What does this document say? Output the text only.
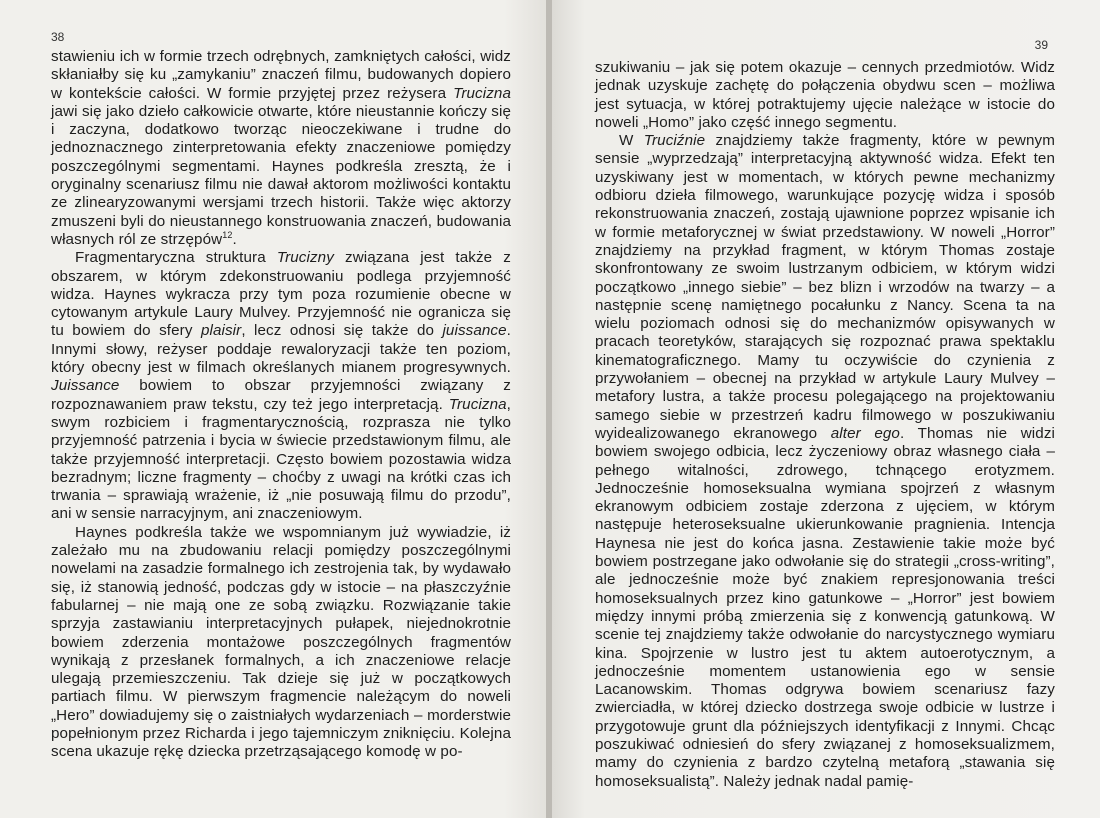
38

stawieniu ich w formie trzech odrębnych, zamkniętych całości, widz skłaniałby się ku „zamykaniu” znaczeń filmu, budowanych dopiero w kontekście całości. W formie przyjętej przez reżysera Trucizna jawi się jako dzieło całkowicie otwarte, które nieustannie kończy się i zaczyna, dodatkowo tworząc nieoczekiwane i trudne do jednoznacznego zinterpretowania efekty znaczeniowe pomiędzy poszczególnymi segmentami. Haynes podkreśla zresztą, że i oryginalny scenariusz filmu nie dawał aktorom możliwości kontaktu ze zlinearyzowanymi wersjami trzech historii. Także więc aktorzy zmuszeni byli do nieustannego konstruowania znaczeń, budowania własnych ról ze strzępów$^{12}$.

Fragmentaryczna struktura Trucizny związana jest także z obszarem, w którym zdekonstruowaniu podlega przyjemność widza. Haynes wykracza przy tym poza rozumienie obecne w cytowanym artykule Laury Mulvey. Przyjemność nie ogranicza się tu bowiem do sfery plaisir, lecz odnosi się także do juissance. Innymi słowy, reżyser poddaje rewaloryzacji także ten poziom, który obecny jest w filmach określanych mianem progresywnych. Juissance bowiem to obszar przyjemności związany z rozpoznawaniem praw tekstu, czy też jego interpretacją. Trucizna, swym rozbiciem i fragmentarycznością, rozprasza nie tylko przyjemność patrzenia i bycia w świecie przedstawionym filmu, ale także przyjemność interpretacji. Często bowiem pozostawia widza bezradnym; liczne fragmenty – choćby z uwagi na krótki czas ich trwania – sprawiają wrażenie, iż „nie posuwają filmu do przodu”, ani w sensie narracyjnym, ani znaczeniowym.

Haynes podkreśla także we wspomnianym już wywiadzie, iż zależało mu na zbudowaniu relacji pomiędzy poszczególnymi nowelami na zasadzie formalnego ich zestrojenia tak, by wydawało się, iż stanowią jedność, podczas gdy w istocie – na płaszczyźnie fabularnej – nie mają one ze sobą związku. Rozwiązanie takie sprzyja zastawianiu interpretacyjnych pułapek, niejednokrotnie bowiem zderzenia montażowe poszczególnych fragmentów wynikają z przesłanek formalnych, a ich znaczeniowe relacje ulegają przemieszczeniu. Tak dzieje się już w początkowych partiach filmu. W pierwszym fragmencie należącym do noweli „Hero” dowiadujemy się o zaistniałych wydarzeniach – morderstwie popełnionym przez Richarda i jego tajemniczym zniknięciu. Kolejna scena ukazuje rękę dziecka przetrząsającego komodę w po-

39

szukiwaniu – jak się potem okazuje – cennych przedmiotów. Widz jednak uzyskuje zachętę do połączenia obydwu scen – możliwa jest sytuacja, w której potraktujemy ujęcie należące w istocie do noweli „Homo” jako część innego segmentu.

W Truciźnie znajdziemy także fragmenty, które w pewnym sensie „wyprzedzają” interpretacyjną aktywność widza. Efekt ten uzyskiwany jest w momentach, w których pewne mechanizmy odbioru dzieła filmowego, warunkujące pozycję widza i sposób rekonstruowania znaczeń, zostają ujawnione poprzez wpisanie ich w formie metaforycznej w świat przedstawiony. W noweli „Horror” znajdziemy na przykład fragment, w którym Thomas zostaje skonfrontowany ze swoim lustrzanym odbiciem, w którym widzi początkowo „innego siebie” – bez blizn i wrzodów na twarzy – a następnie scenę namiętnego pocałunku z Nancy. Scena ta na wielu poziomach odnosi się do mechanizmów opisywanych w pracach teoretyków, starających się rozpoznać prawa spektaklu kinematograficznego. Mamy tu oczywiście do czynienia z przywołaniem – obecnej na przykład w artykule Laury Mulvey – metafory lustra, a także procesu polegającego na projektowaniu samego siebie w przestrzeń kadru filmowego w poszukiwaniu wyidealizowanego ekranowego alter ego. Thomas nie widzi bowiem swojego odbicia, lecz życzeniowy obraz własnego ciała – pełnego witalności, zdrowego, tchnącego erotyzmem. Jednocześnie homoseksualna wymiana spojrzeń z własnym ekranowym odbiciem zostaje zderzona z ujęciem, w którym następuje heteroseksualne ukierunkowanie pragnienia. Intencja Haynesa nie jest do końca jasna. Zestawienie takie może być bowiem postrzegane jako odwołanie się do strategii „cross-writing”, ale jednocześnie może być znakiem represjonowania treści homoseksualnych przez kino gatunkowe – „Horror” jest bowiem między innymi próbą zmierzenia się z konwencją gatunkową. W scenie tej znajdziemy także odwołanie do narcystycznego wymiaru kina. Spojrzenie w lustro jest tu aktem autoerotycznym, a jednocześnie momentem ustanowienia ego w sensie Lacanowskim. Thomas odgrywa bowiem scenariusz fazy zwierciadła, w której dziecko dostrzega swoje odbicie w lustrze i przygotowuje grunt dla późniejszych identyfikacji z Innymi. Chcąc poszukiwać odniesień do sfery związanej z homoseksualizmem, mamy do czynienia z bardzo czytelną metaforą „stawania się homoseksualistą”. Należy jednak nadal pamię-
